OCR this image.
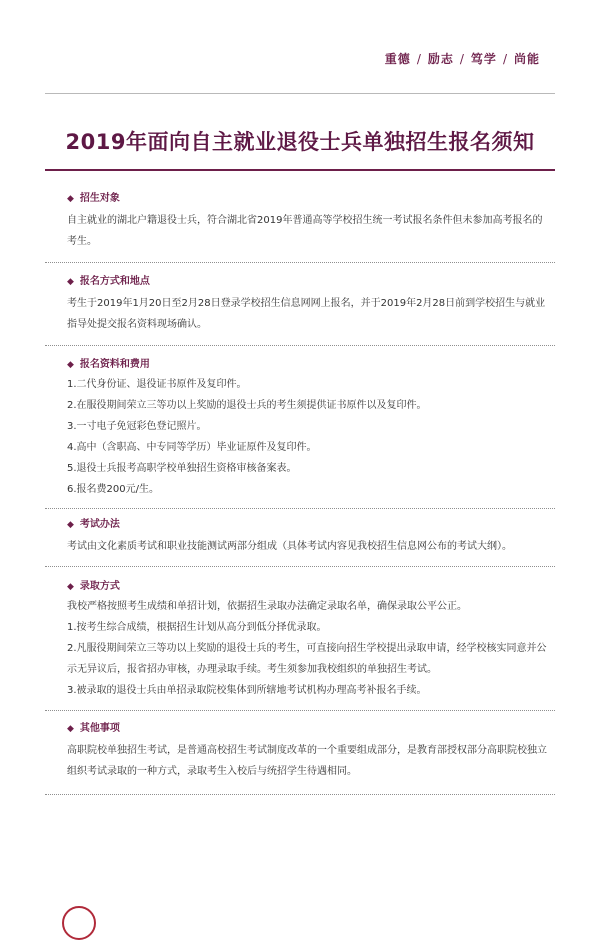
重德 / 励志 / 笃学 / 尚能
2019年面向自主就业退役士兵单独招生报名须知
◆ 招生对象
自主就业的湖北户籍退役士兵，符合湖北省2019年普通高等学校招生统一考试报名条件但未参加高考报名的
考生。
◆ 报名方式和地点
考生于2019年1月20日至2月28日登录学校招生信息网网上报名，并于2019年2月28日前到学校招生与就业
指导处提交报名资料现场确认。
◆ 报名资料和费用
1.二代身份证、退役证书原件及复印件。
2.在服役期间荣立三等功以上奖励的退役士兵的考生须提供证书原件以及复印件。
3.一寸电子免冠彩色登记照片。
4.高中（含职高、中专同等学历）毕业证原件及复印件。
5.退役士兵报考高职学校单独招生资格审核备案表。
6.报名费200元/生。
◆ 考试办法
考试由文化素质考试和职业技能测试两部分组成（具体考试内容见我校招生信息网公布的考试大纲）。
◆ 录取方式
我校严格按照考生成绩和单招计划，依据招生录取办法确定录取名单，确保录取公平公正。
1.按考生综合成绩，根据招生计划从高分到低分择优录取。
2.凡服役期间荣立三等功以上奖励的退役士兵的考生，可直接向招生学校提出录取申请，经学校核实同意并公
示无异议后，报省招办审核，办理录取手续。考生须参加我校组织的单独招生考试。
3.被录取的退役士兵由单招录取院校集体到所辖地考试机构办理高考补报名手续。
◆ 其他事项
高职院校单独招生考试，是普通高校招生考试制度改革的一个重要组成部分，是教育部授权部分高职院校独立
组织考试录取的一种方式，录取考生入校后与统招学生待遇相同。
